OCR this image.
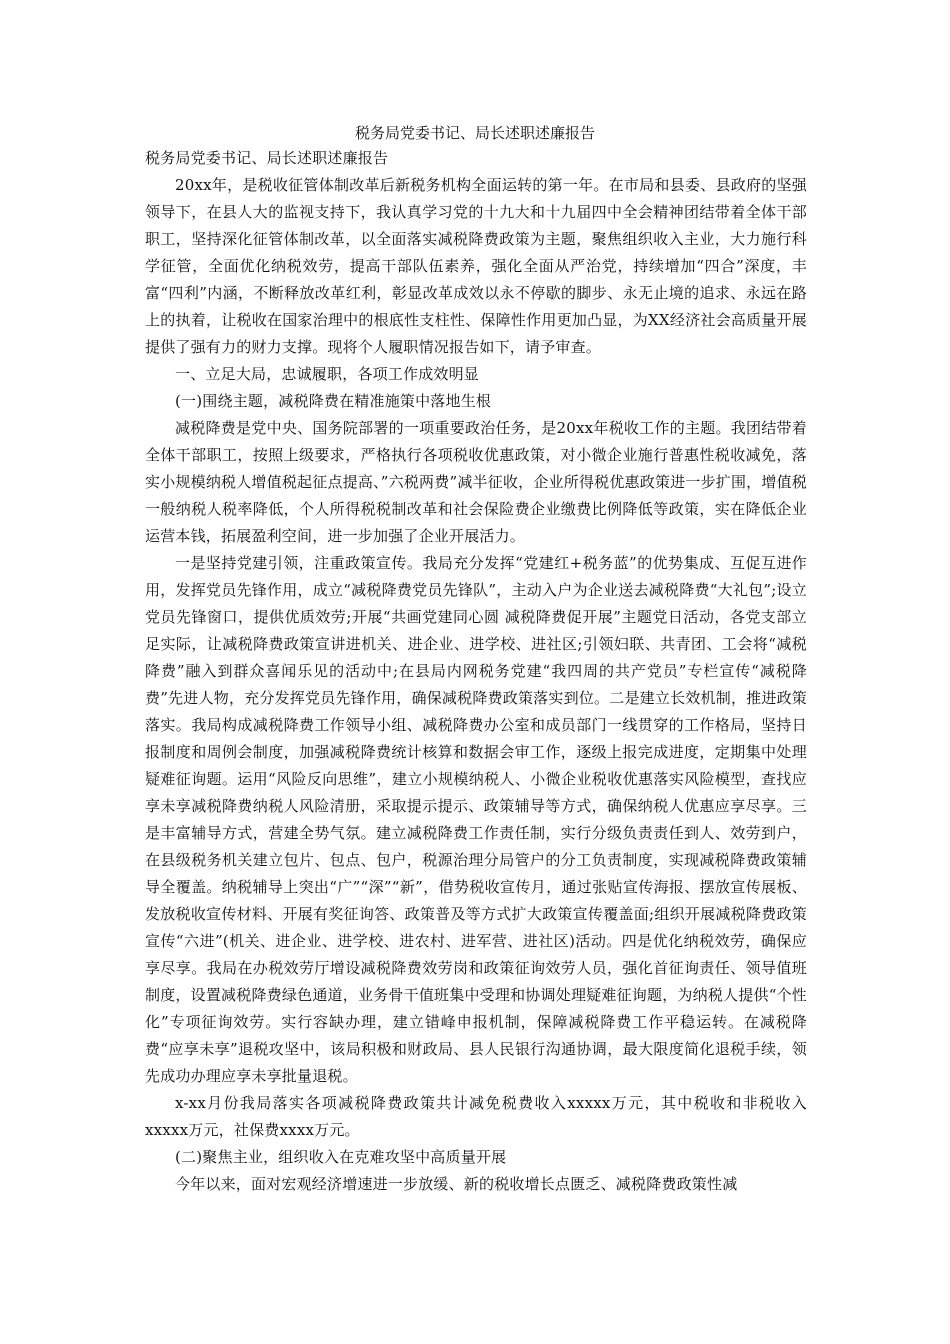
税务局党委书记、局长述职述廉报告

税务局党委书记、局长述职述廉报告

20xx年，是税收征管体制改革后新税务机构全面运转的第一年。在市局和县委、县政府的坚强领导下，在县人大的监视支持下，我认真学习党的十九大和十九届四中全会精神团结带着全体干部职工，坚持深化征管体制改革，以全面落实减税降费政策为主题，聚焦组织收入主业，大力施行科学征管，全面优化纳税效劳，提高干部队伍素养，强化全面从严治党，持续增加“四合”深度，丰富“四利”内涵，不断释放改革红利，彰显改革成效以永不停歇的脚步、永无止境的追求、永远在路上的执着，让税收在国家治理中的根底性支柱性、保障性作用更加凸显，为XX经济社会高质量开展提供了强有力的财力支撑。现将个人履职情况报告如下，请予审查。

一、立足大局，忠诚履职，各项工作成效明显

(一)围绕主题，减税降费在精准施策中落地生根

减税降费是党中央、国务院部署的一项重要政治任务，是20xx年税收工作的主题。我团结带着全体干部职工，按照上级要求，严格执行各项税收优惠政策，对小微企业施行普惠性税收减免，落实小规模纳税人增值税起征点提高、”六税两费”减半征收，企业所得税优惠政策进一步扩围，增值税一般纳税人税率降低，个人所得税税制改革和社会保险费企业缴费比例降低等政策，实在降低企业运营本钱，拓展盈利空间，进一步加强了企业开展活力。

一是坚持党建引领，注重政策宣传。我局充分发挥“党建红+税务蓝”的优势集成、互促互进作用，发挥党员先锋作用，成立“减税降费党员先锋队”，主动入户为企业送去减税降费“大礼包”;设立党员先锋窗口，提供优质效劳;开展“共画党建同心圆 减税降费促开展”主题党日活动，各党支部立足实际，让减税降费政策宣讲进机关、进企业、进学校、进社区;引领妇联、共青团、工会将“减税降费”融入到群众喜闻乐见的活动中;在县局内网税务党建“我四周的共产党员”专栏宣传“减税降费”先进人物，充分发挥党员先锋作用，确保减税降费政策落实到位。二是建立长效机制，推进政策落实。我局构成减税降费工作领导小组、减税降费办公室和成员部门一线贯穿的工作格局，坚持日报制度和周例会制度，加强减税降费统计核算和数据会审工作，逐级上报完成进度，定期集中处理疑难征询题。运用“风险反向思维”，建立小规模纳税人、小微企业税收优惠落实风险模型，查找应享未享减税降费纳税人风险清册，采取提示提示、政策辅导等方式，确保纳税人优惠应享尽享。三是丰富辅导方式，营建全势气氛。建立减税降费工作责任制，实行分级负责责任到人、效劳到户，在县级税务机关建立包片、包点、包户，税源治理分局管户的分工负责制度，实现减税降费政策辅导全覆盖。纳税辅导上突出“广”“深”“新”，借势税收宣传月，通过张贴宣传海报、摆放宣传展板、发放税收宣传材料、开展有奖征询答、政策普及等方式扩大政策宣传覆盖面;组织开展减税降费政策宣传“六进”(机关、进企业、进学校、进农村、进军营、进社区)活动。四是优化纳税效劳，确保应享尽享。我局在办税效劳厅增设减税降费效劳岗和政策征询效劳人员，强化首征询责任、领导值班制度，设置减税降费绿色通道，业务骨干值班集中受理和协调处理疑难征询题，为纳税人提供“个性化”专项征询效劳。实行容缺办理，建立错峰申报机制，保障减税降费工作平稳运转。在减税降费“应享未享”退税攻坚中，该局积极和财政局、县人民银行沟通协调，最大限度简化退税手续，领先成功办理应享未享批量退税。

x-xx月份我局落实各项减税降费政策共计减免税费收入xxxxx万元，其中税收和非税收入xxxxx万元，社保费xxxx万元。

(二)聚焦主业，组织收入在克难攻坚中高质量开展

今年以来，面对宏观经济增速进一步放缓、新的税收增长点匮乏、减税降费政策性减
